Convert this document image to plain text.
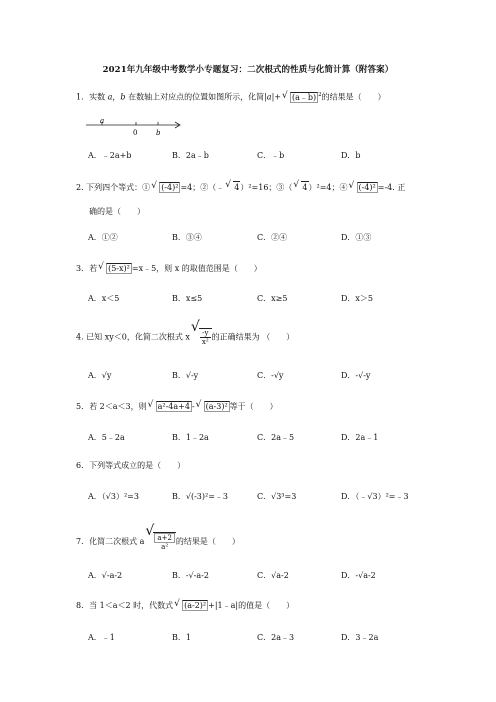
2021年九年级中考数学小专题复习：二次根式的性质与化简计算（附答案）
1．实数 a，b 在数轴上对应点的位置如图所示，化简|a|+ √ (a﹣b) $^2$的结果是（　　）
a
0	b
A．﹣2a+b	B．2a﹣b	C．﹣b	D．b
2. 下列四个等式：① √ (-4)² =4；②（﹣ √ 4）²=16；③（ √ 4）²=4；④ √ (-4)² =-4. 正
确的是（　　）
A．①②	B．③④	C．②④	D．①③
3．若 √ (5-x)² =x﹣5，则 x 的取值范围是（　　）
A．x＜5	B．x≤5	C．x≥5	D．x＞5
4. 已知 xy＜0，化简二次根式 x
√
$\frac{-y}{\text{x²}}$ 的正确结果为 （　　）
A．√y	B．√-y	C．-√y	D．-√-y
5．若 2＜a＜3，则 √ a²-4a+4 - √ (a-3)² 等于（　　）
A．5﹣2a	B．1﹣2a	C．2a﹣5	D．2a﹣1
6．下列等式成立的是（　　）
A．（√3）²=3	B．√(-3)²=﹣3	C．√3³=3	D．（﹣√3）²=﹣3
7．化简二次根式 a
√
$\frac{a+2}{\text{a²}}$ 的结果是（　　）
A．√-a-2	B．-√-a-2	C．√a-2	D．-√a-2
8．当 1＜a＜2 时，代数式 √ (a-2)² +|1﹣a|的值是（　　）
A．﹣1	B．1	C．2a﹣3	D．3﹣2a
